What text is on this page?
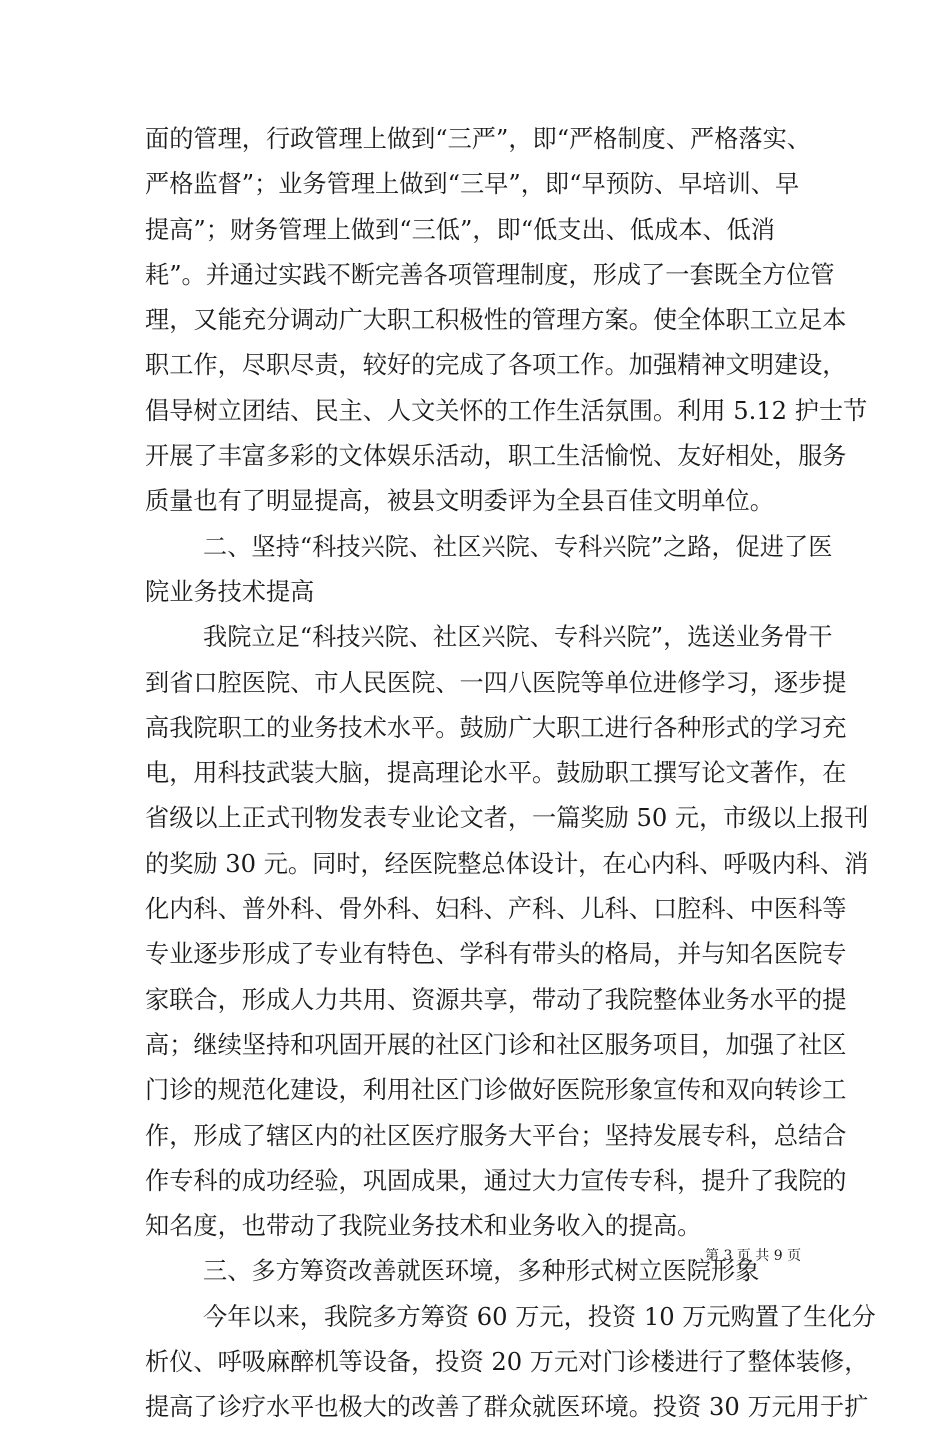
面的管理，行政管理上做到“三严”，即“严格制度、严格落实、
严格监督”；业务管理上做到“三早”，即“早预防、早培训、早
提高”；财务管理上做到“三低”，即“低支出、低成本、低消
耗”。并通过实践不断完善各项管理制度，形成了一套既全方位管
理，又能充分调动广大职工积极性的管理方案。使全体职工立足本
职工作，尽职尽责，较好的完成了各项工作。加强精神文明建设，
倡导树立团结、民主、人文关怀的工作生活氛围。利用 5.12 护士节
开展了丰富多彩的文体娱乐活动，职工生活愉悦、友好相处，服务
质量也有了明显提高，被县文明委评为全县百佳文明单位。
二、坚持“科技兴院、社区兴院、专科兴院”之路，促进了医
院业务技术提高
我院立足“科技兴院、社区兴院、专科兴院”，选送业务骨干
到省口腔医院、市人民医院、一四八医院等单位进修学习，逐步提
高我院职工的业务技术水平。鼓励广大职工进行各种形式的学习充
电，用科技武装大脑，提高理论水平。鼓励职工撰写论文著作，在
省级以上正式刊物发表专业论文者，一篇奖励 50 元，市级以上报刊
的奖励 30 元。同时，经医院整总体设计，在心内科、呼吸内科、消
化内科、普外科、骨外科、妇科、产科、儿科、口腔科、中医科等
专业逐步形成了专业有特色、学科有带头的格局，并与知名医院专
家联合，形成人力共用、资源共享，带动了我院整体业务水平的提
高；继续坚持和巩固开展的社区门诊和社区服务项目，加强了社区
门诊的规范化建设，利用社区门诊做好医院形象宣传和双向转诊工
作，形成了辖区内的社区医疗服务大平台；坚持发展专科，总结合
作专科的成功经验，巩固成果，通过大力宣传专科，提升了我院的
知名度，也带动了我院业务技术和业务收入的提高。
三、多方筹资改善就医环境，多种形式树立医院形象
今年以来，我院多方筹资 60 万元，投资 10 万元购置了生化分
析仪、呼吸麻醉机等设备，投资 20 万元对门诊楼进行了整体装修，
提高了诊疗水平也极大的改善了群众就医环境。投资 30 万元用于扩
第 3 页 共 9 页
